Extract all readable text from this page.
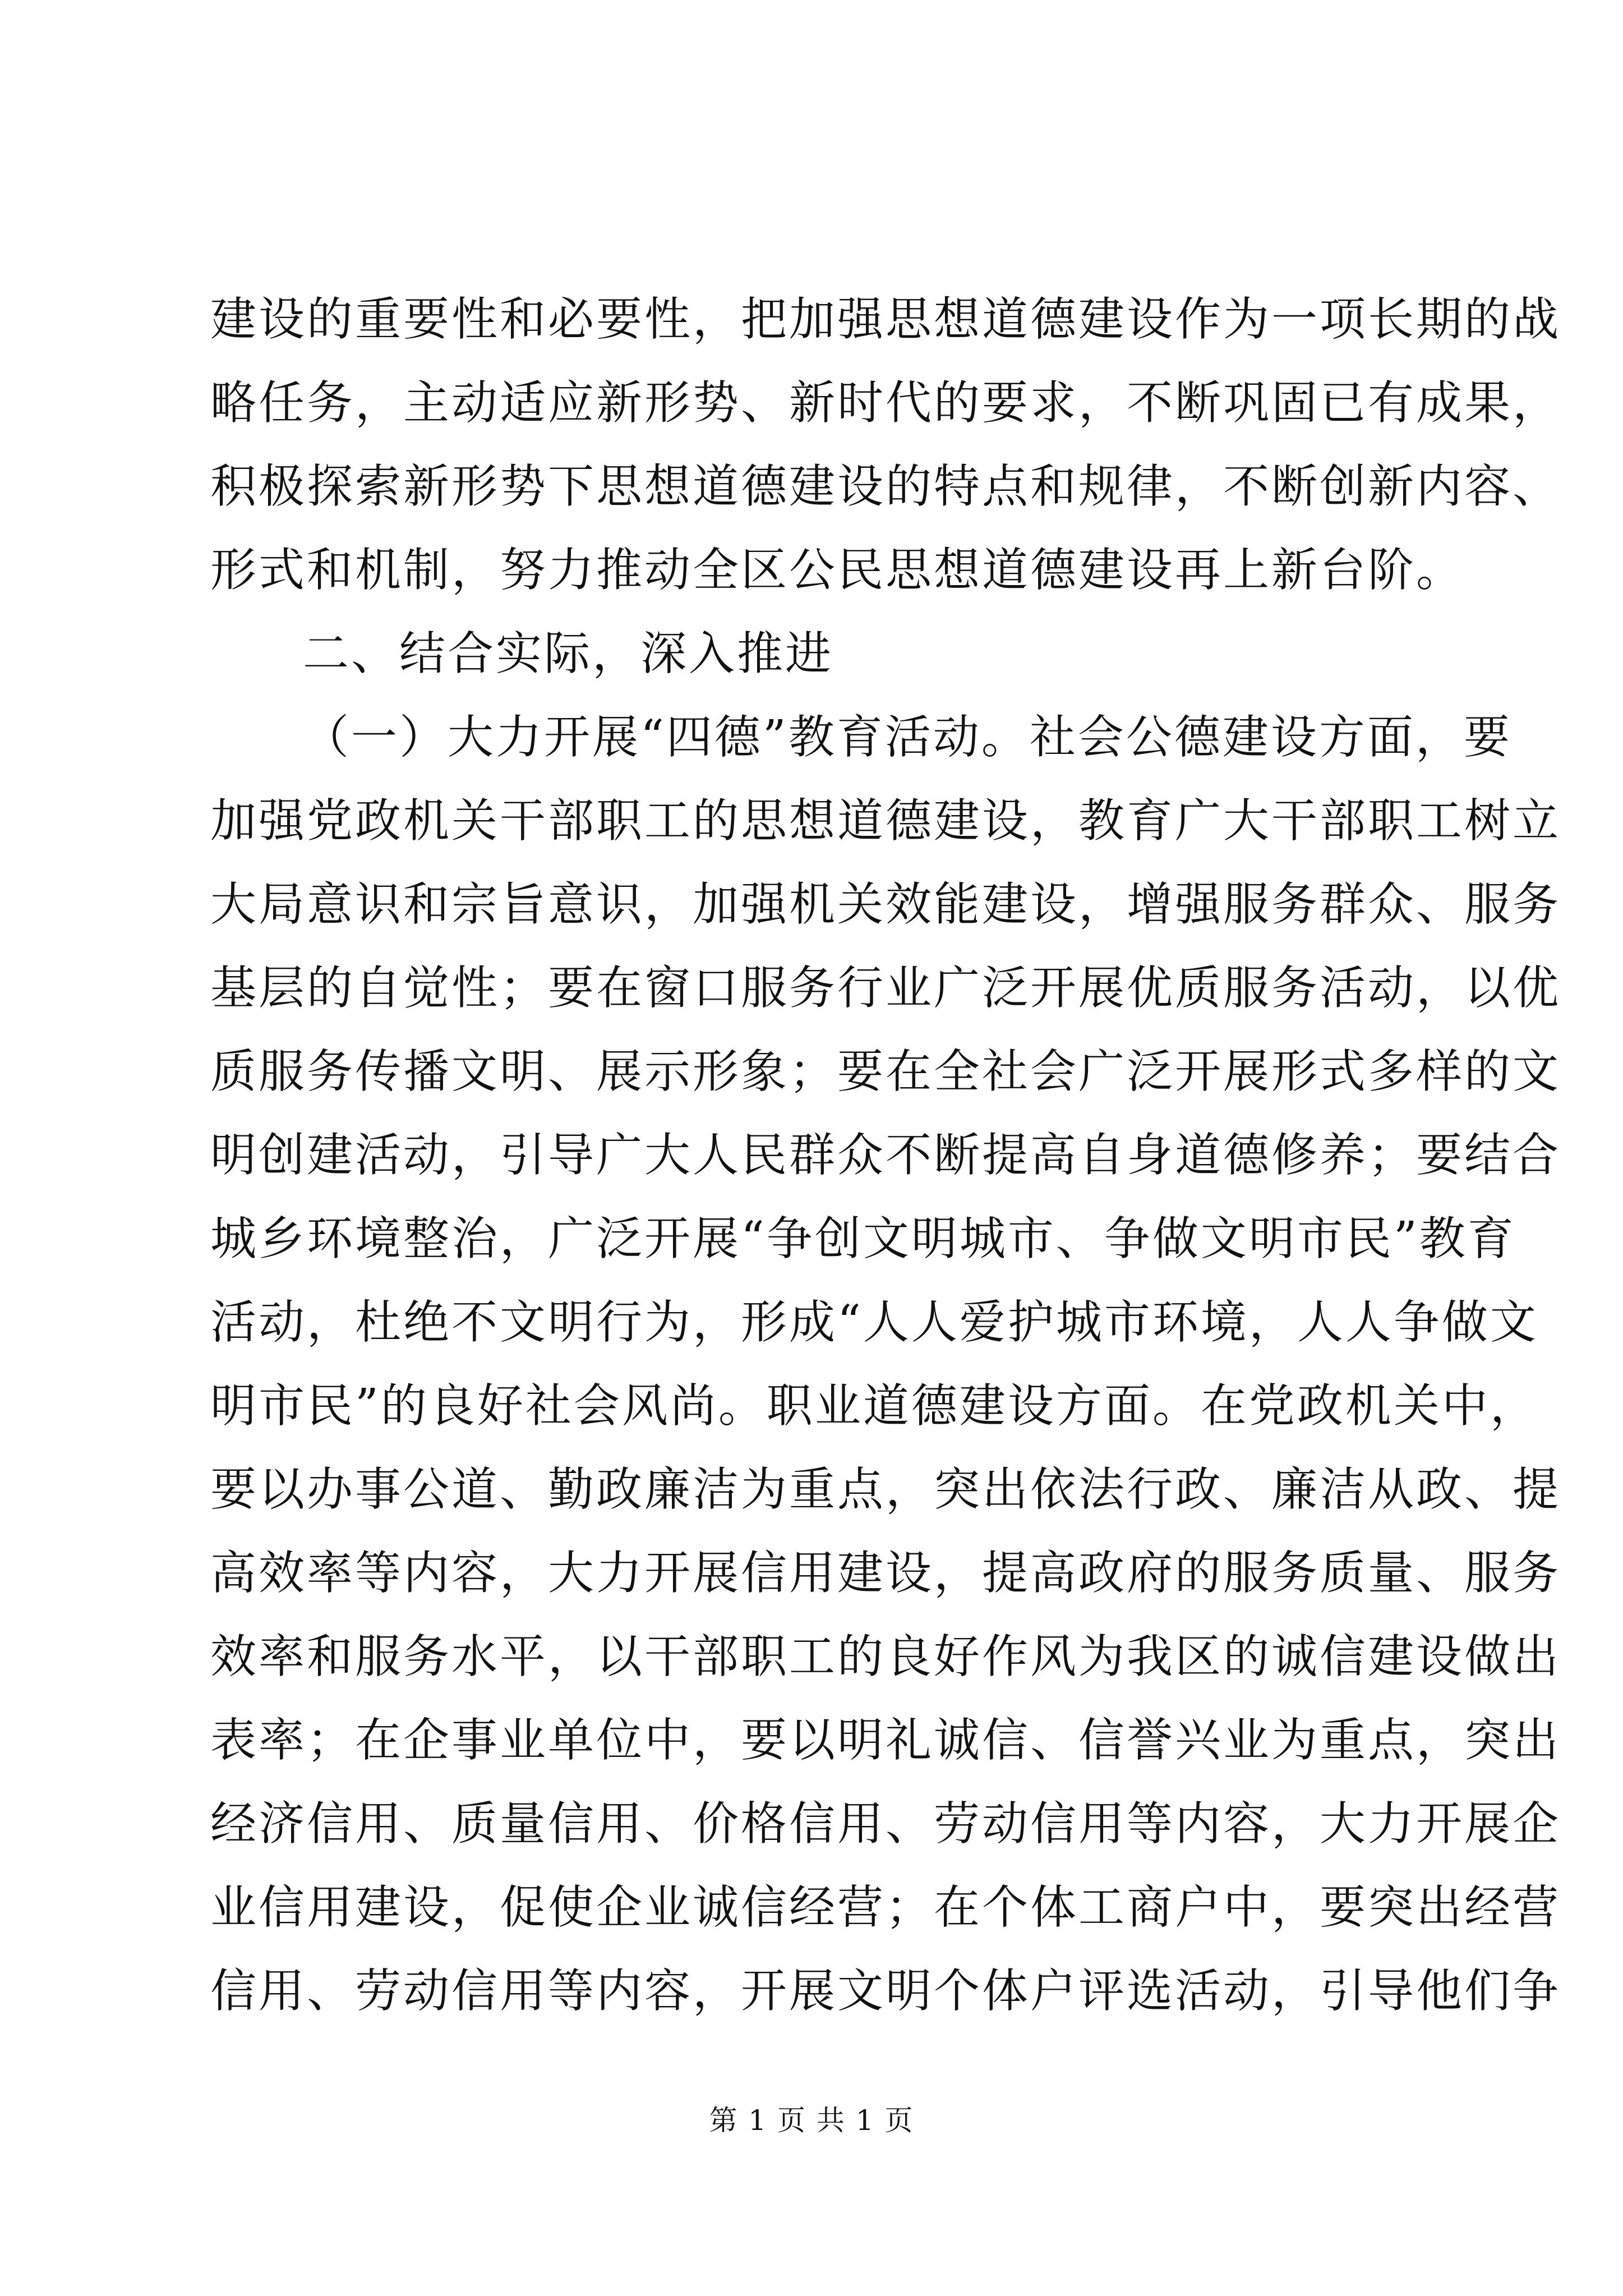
建设的重要性和必要性，把加强思想道德建设作为一项长期的战
略任务，主动适应新形势、新时代的要求，不断巩固已有成果，
积极探索新形势下思想道德建设的特点和规律，不断创新内容、
形式和机制，努力推动全区公民思想道德建设再上新台阶。
二、结合实际，深入推进
（一）大力开展“四德”教育活动。社会公德建设方面，要
加强党政机关干部职工的思想道德建设，教育广大干部职工树立
大局意识和宗旨意识，加强机关效能建设，增强服务群众、服务
基层的自觉性；要在窗口服务行业广泛开展优质服务活动，以优
质服务传播文明、展示形象；要在全社会广泛开展形式多样的文
明创建活动，引导广大人民群众不断提高自身道德修养；要结合
城乡环境整治，广泛开展“争创文明城市、争做文明市民”教育
活动，杜绝不文明行为，形成“人人爱护城市环境，人人争做文
明市民”的良好社会风尚。职业道德建设方面。在党政机关中，
要以办事公道、勤政廉洁为重点，突出依法行政、廉洁从政、提
高效率等内容，大力开展信用建设，提高政府的服务质量、服务
效率和服务水平，以干部职工的良好作风为我区的诚信建设做出
表率；在企事业单位中，要以明礼诚信、信誉兴业为重点，突出
经济信用、质量信用、价格信用、劳动信用等内容，大力开展企
业信用建设，促使企业诚信经营；在个体工商户中，要突出经营
信用、劳动信用等内容，开展文明个体户评选活动，引导他们争
第 1 页 共 1 页
